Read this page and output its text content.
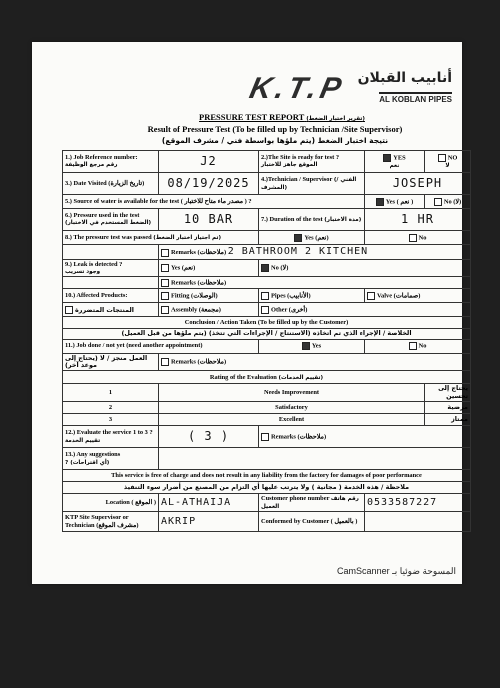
K.T.P أنابيب القبلان
AL KOBLAN PIPES
PRESSURE TEST REPORT (تقرير اختبار الضغط)
Result of Pressure Test (To be filled up by Technician /Site Supervisor)
نتيجة اختبار الضغط (يتم ملؤها بواسطة فني / مشرف الموقع)
1.) Job Reference number:
رقم مرجع الوظيفة	J2	2.)The Site is ready for test ?
الموقع جاهز للاختبار	YES
نعم	NO
لا
3.) Date Visited (تاريخ الزيارة)	08/19/2025	4.)Technician / Supervisor (الفني /المشرف)	JOSEPH	
5.) Source of water is available for the test ( مصدر ماء متاح للاختبار ) ?			Yes ( نعم )	No (لا)
6.) Pressure used in the test
(الضغط المستخدم في الاختبار)	10 BAR	7.) Duration of the test (مدة الاختبار)	1 HR	
8.) The pressure test was passed (تم اجتياز اختبار الضغط)		Yes (نعم)	No	
	Remarks (ملاحظات) 2 BATHROOM 2 KITCHEN			
9.) Leak is detected ?
وجود تسريب	Yes (نعم)	No (لا)		
	Remarks (ملاحظات)			
10.) Affected Products:	Fitting (الوصلات)	Pipes (الأنابيب)	Valve (صمامات)	
المنتجات المتضررة	Assembly (مجمعة)	Other (أخرى)		
Conclusion / Action Taken (To be filled up by the Customer)				
الخلاصة / الإجراء الذي تم اتخاذه (الاستنتاج / الإجراءات التي تتخذ) (يتم ملؤها من قبل العميل)				
11.) Job done / not yet (need another appointment)		Yes	No	
العمل منجز / لا (يحتاج إلى موعد آخر)	Remarks (ملاحظات)			
Rating of the Evaluation (تقييم الخدمات)				
1	Needs Improvement			يحتاج إلى تحسين
2	Satisfactory			مرضية
3	Excellent			ممتاز
12.) Evaluate the service 1 to 3 ?
تقييم الخدمة	( 3 )	Remarks (ملاحظات)		
13.) Any suggestions
? (أي اقتراحات)				
This service is free of charge and does not result in any liability from the factory for damages of poor performance				
ملاحظة / هذه الخدمة ( مجانية ) ولا يترتب عليها أي التزام من المصنع من أضرار سوء التنفيذ				
Location ( الموقع )	AL-ATHAIJA	Customer phone number رقم هاتف العميل	0533587227	
KTP Site Supervisor or Technician (مشرف الموقع)	AKRIP	Conformed by Customer ( بالعميل )		
CamScanner المسوحة ضوئيا بـ
